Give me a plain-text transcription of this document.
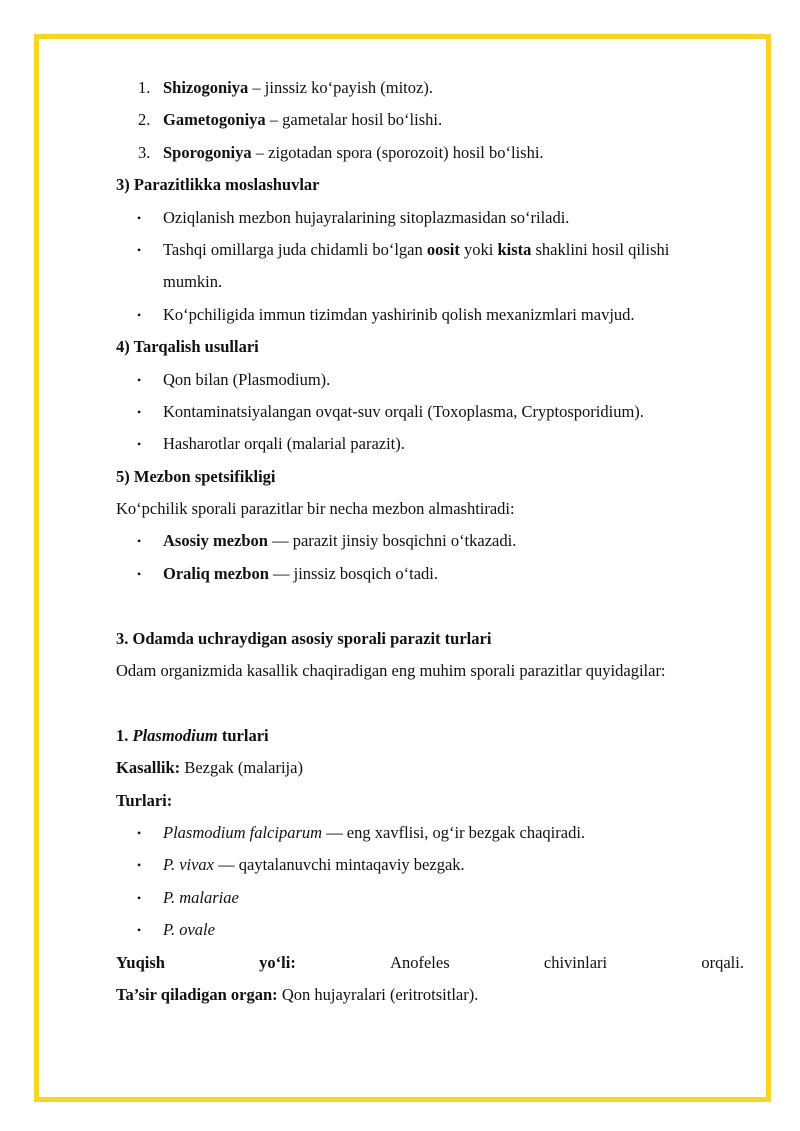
1. Shizogoniya – jinssiz koʻpayish (mitoz).
2. Gametogoniya – gametalar hosil boʻlishi.
3. Sporogoniya – zigotadan spora (sporozoit) hosil boʻlishi.
3) Parazitlikka moslashuvlar
• Oziqlanish mezbon hujayralarining sitoplazmasidan soʻriladi.
• Tashqi omillarga juda chidamli boʻlgan oosit yoki kista shaklini hosil qilishi
mumkin.
• Koʻpchiligida immun tizimdan yashirinib qolish mexanizmlari mavjud.
4) Tarqalish usullari
• Qon bilan (Plasmodium).
• Kontaminatsiyalangan ovqat-suv orqali (Toxoplasma, Cryptosporidium).
• Hasharotlar orqali (malarial parazit).
5) Mezbon spetsifikligi
Koʻpchilik sporali parazitlar bir necha mezbon almashtiradi:
• Asosiy mezbon — parazit jinsiy bosqichni oʻtkazadi.
• Oraliq mezbon — jinssiz bosqich oʻtadi.
3. Odamda uchraydigan asosiy sporali parazit turlari
Odam organizmida kasallik chaqiradigan eng muhim sporali parazitlar quyidagilar:
1. Plasmodium turlari
Kasallik: Bezgak (malarija)
Turlari:
• Plasmodium falciparum — eng xavflisi, ogʻir bezgak chaqiradi.
• P. vivax — qaytalanuvchi mintaqaviy bezgak.
• P. malariae
• P. ovale
Yuqish	yoʻli:	Anofeles	chivinlari	orqali.
Ta’sir qiladigan organ: Qon hujayralari (eritrotsitlar).
